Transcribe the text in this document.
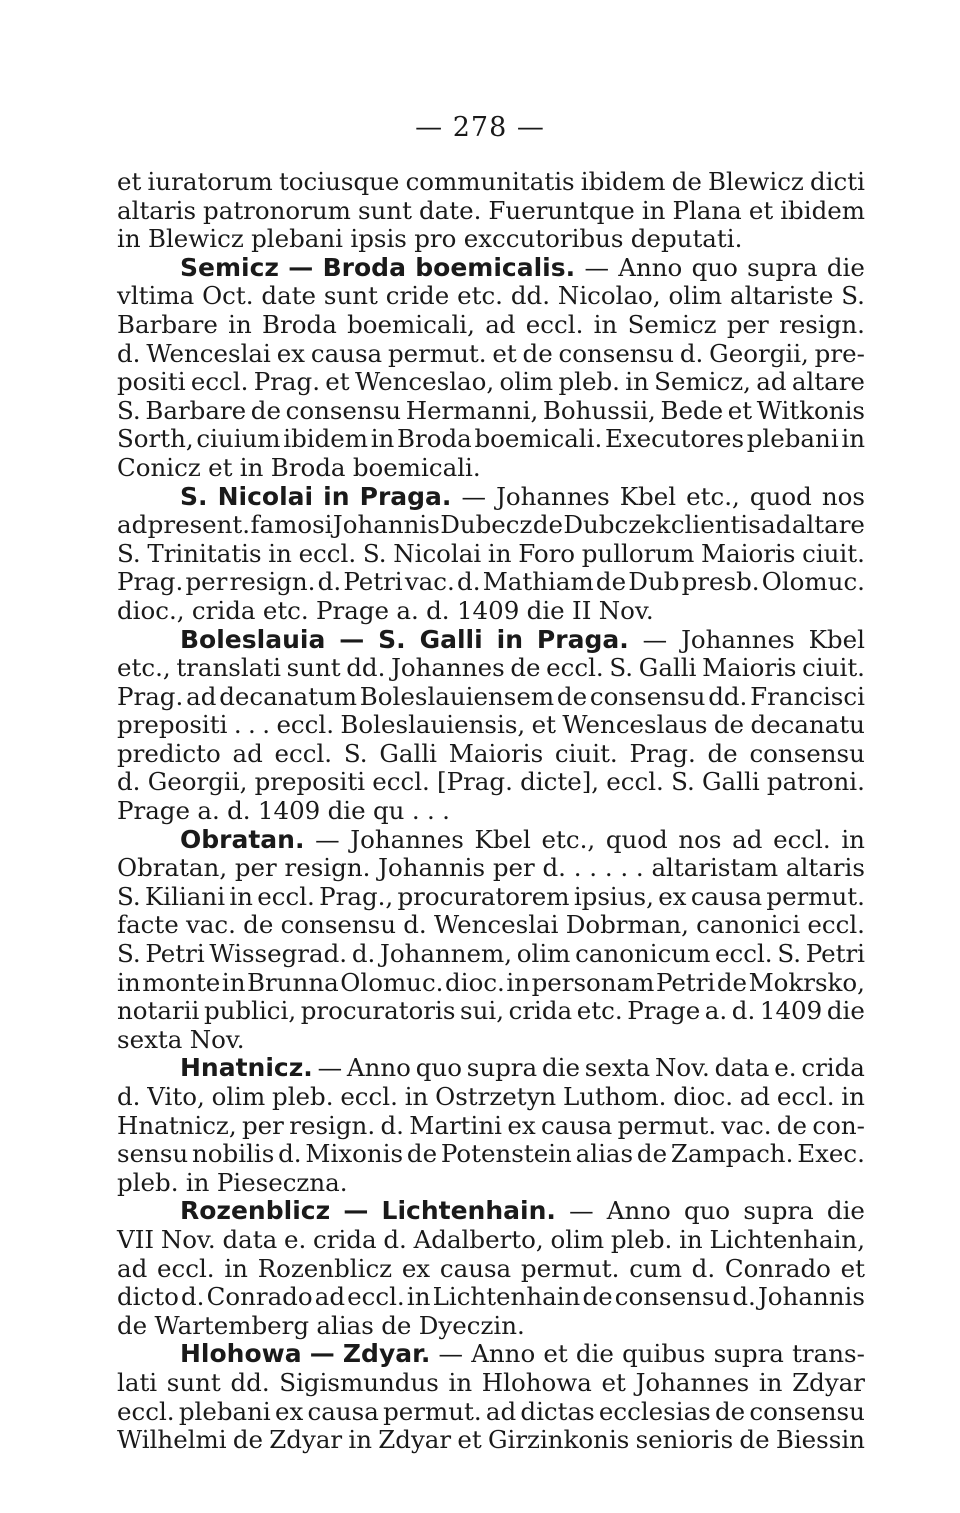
— 278 —
et iuratorum tociusque communitatis ibidem de Blewicz dicti
altaris patronorum sunt date. Fueruntque in Plana et ibidem
in Blewicz plebani ipsis pro exccutoribus deputati.
Semicz — Broda boemicalis. — Anno quo supra die
vltima Oct. date sunt cride etc. dd. Nicolao, olim altariste S.
Barbare in Broda boemicali, ad eccl. in Semicz per resign.
d. Wenceslai ex causa permut. et de consensu d. Georgii, pre-
positi eccl. Prag. et Wenceslao, olim pleb. in Semicz, ad altare
S. Barbare de consensu Hermanni, Bohussii, Bede et Witkonis
Sorth, ciuium ibidem in Broda boemicali. Executores plebani in
Conicz et in Broda boemicali.
S. Nicolai in Praga. — Johannes Kbel etc., quod nos
ad present. famosi Johannis Dubecz de Dubczek clientis ad altare
S. Trinitatis in eccl. S. Nicolai in Foro pullorum Maioris ciuit.
Prag. per resign. d. Petri vac. d. Mathiam de Dub presb. Olomuc.
dioc., crida etc. Prage a. d. 1409 die II Nov.
Boleslauia — S. Galli in Praga. — Johannes Kbel
etc., translati sunt dd. Johannes de eccl. S. Galli Maioris ciuit.
Prag. ad decanatum Boleslauiensem de consensu dd. Francisci
prepositi . . . eccl. Boleslauiensis, et Wenceslaus de decanatu
predicto ad eccl. S. Galli Maioris ciuit. Prag. de consensu
d. Georgii, prepositi eccl. [Prag. dicte], eccl. S. Galli patroni.
Prage a. d. 1409 die qu . . .
Obratan. — Johannes Kbel etc., quod nos ad eccl. in
Obratan, per resign. Johannis per d. . . . . . altaristam altaris
S. Kiliani in eccl. Prag., procuratorem ipsius, ex causa permut.
facte vac. de consensu d. Wenceslai Dobrman, canonici eccl.
S. Petri Wissegrad. d. Johannem, olim canonicum eccl. S. Petri
in monte in Brunna Olomuc. dioc. in personam Petri de Mokrsko,
notarii publici, procuratoris sui, crida etc. Prage a. d. 1409 die
sexta Nov.
Hnatnicz. — Anno quo supra die sexta Nov. data e. crida
d. Vito, olim pleb. eccl. in Ostrzetyn Luthom. dioc. ad eccl. in
Hnatnicz, per resign. d. Martini ex causa permut. vac. de con-
sensu nobilis d. Mixonis de Potenstein alias de Zampach. Exec.
pleb. in Pieseczna.
Rozenblicz — Lichtenhain. — Anno quo supra die
VII Nov. data e. crida d. Adalberto, olim pleb. in Lichtenhain,
ad eccl. in Rozenblicz ex causa permut. cum d. Conrado et
dicto d. Conrado ad eccl. in Lichtenhain de consensu d. Johannis
de Wartemberg alias de Dyeczin.
Hlohowa — Zdyar. — Anno et die quibus supra trans-
lati sunt dd. Sigismundus in Hlohowa et Johannes in Zdyar
eccl. plebani ex causa permut. ad dictas ecclesias de consensu
Wilhelmi de Zdyar in Zdyar et Girzinkonis senioris de Biessin
